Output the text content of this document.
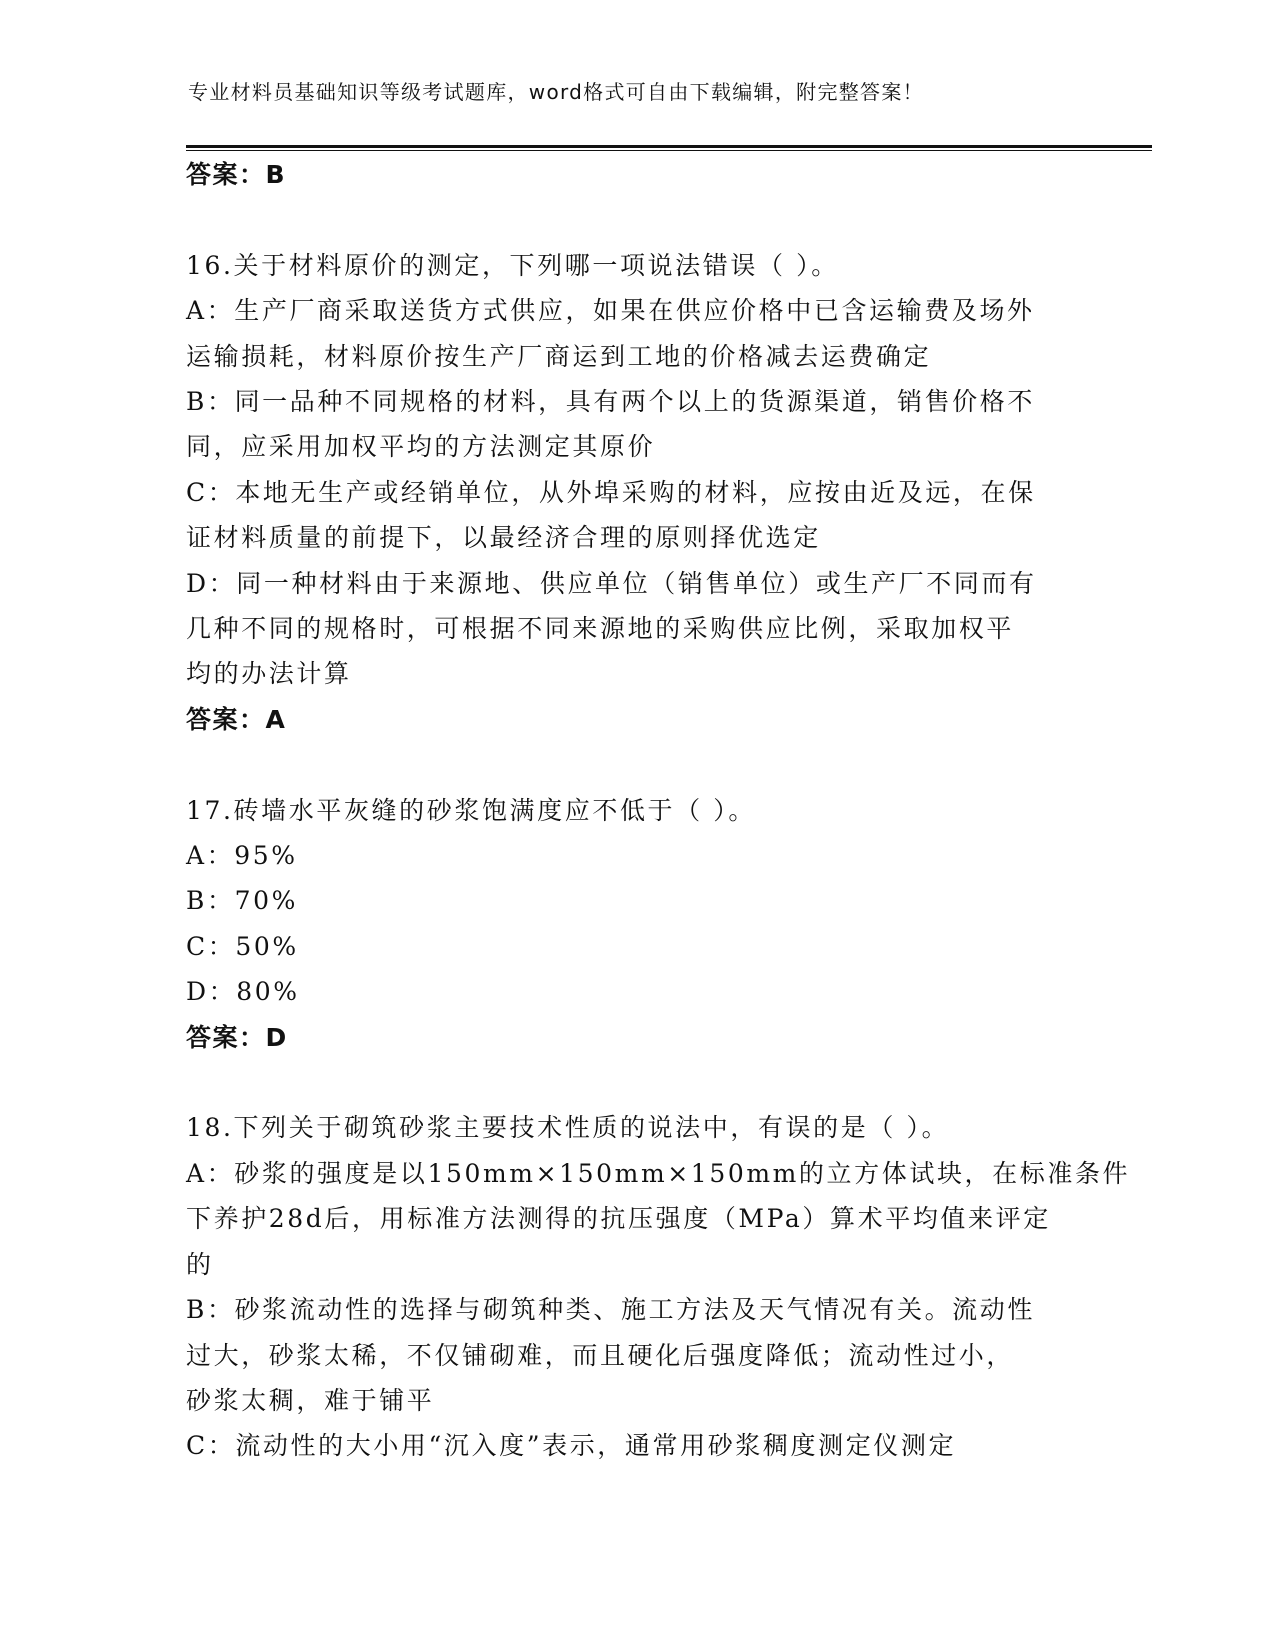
专业材料员基础知识等级考试题库，word格式可自由下载编辑，附完整答案！
答案：B
16.关于材料原价的测定，下列哪一项说法错误（ ）。
A：生产厂商采取送货方式供应，如果在供应价格中已含运输费及场外
运输损耗，材料原价按生产厂商运到工地的价格减去运费确定
B：同一品种不同规格的材料，具有两个以上的货源渠道，销售价格不
同，应采用加权平均的方法测定其原价
C：本地无生产或经销单位，从外埠采购的材料，应按由近及远，在保
证材料质量的前提下，以最经济合理的原则择优选定
D：同一种材料由于来源地、供应单位（销售单位）或生产厂不同而有
几种不同的规格时，可根据不同来源地的采购供应比例，采取加权平
均的办法计算
答案：A
17.砖墙水平灰缝的砂浆饱满度应不低于（ ）。
A：95%
B：70%
C：50%
D：80%
答案：D
18.下列关于砌筑砂浆主要技术性质的说法中，有误的是（ ）。
A：砂浆的强度是以150mm×150mm×150mm的立方体试块，在标准条件
下养护28d后，用标准方法测得的抗压强度（MPa）算术平均值来评定
的
B：砂浆流动性的选择与砌筑种类、施工方法及天气情况有关。流动性
过大，砂浆太稀，不仅铺砌难，而且硬化后强度降低；流动性过小，
砂浆太稠，难于铺平
C：流动性的大小用“沉入度”表示，通常用砂浆稠度测定仪测定
